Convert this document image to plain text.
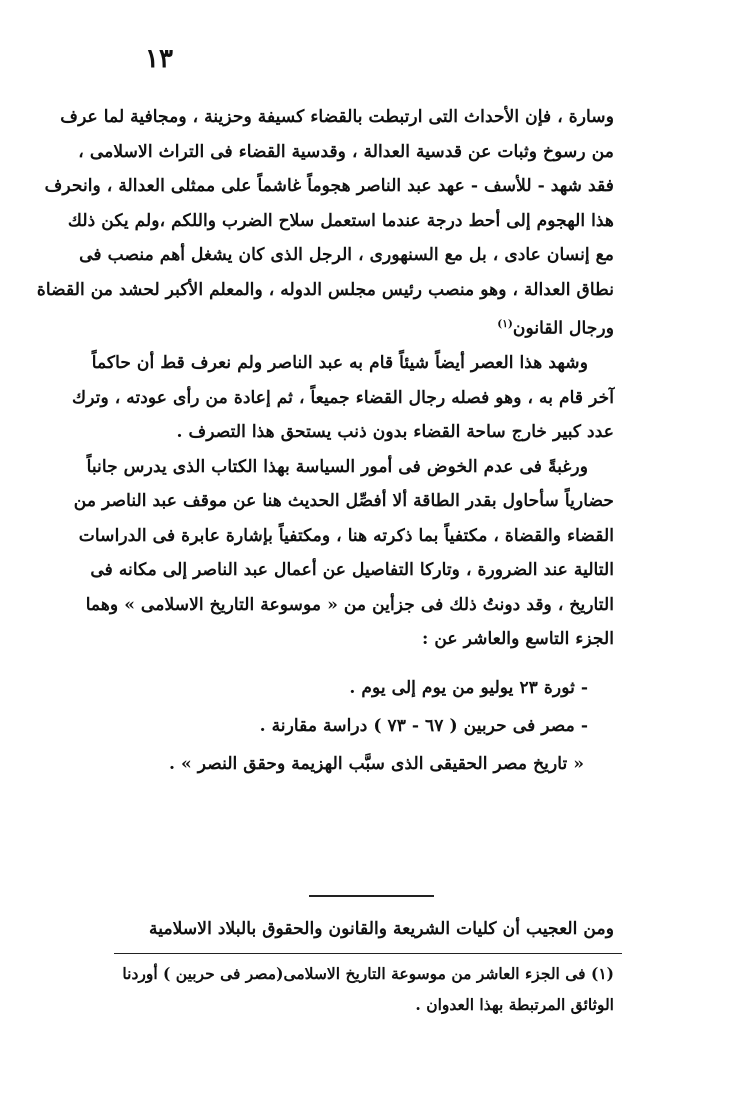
١٣

وسارة ، فإن الأحداث التى ارتبطت بالقضاء كسيفة وحزينة ، ومجافية لما عرف

من رسوخ وثبات عن قدسية العدالة ، وقدسية القضاء فى التراث الاسلامى ،

فقد شهد - للأسف - عهد عبد الناصر هجوماً غاشماً على ممثلى العدالة ، وانحرف

هذا الهجوم إلى أحط درجة عندما استعمل سلاح الضرب واللكم ،ولم يكن ذلك

مع إنسان عادى ، بل مع السنهورى ، الرجل الذى كان يشغل أهم منصب فى

نطاق العدالة ، وهو منصب رئيس مجلس الدوله ، والمعلم الأكبر لحشد من القضاة

ورجال القانون$^{(١)}$

وشهد هذا العصر أيضاً شيئاً قام به عبد الناصر ولم نعرف قط أن حاكماً

آخر قام به ، وهو فصله رجال القضاء جميعاً ، ثم إعادة من رأى عودته ، وترك

عدد كبير خارج ساحة القضاء بدون ذنب يستحق هذا التصرف .

ورغبةً فى عدم الخوض فى أمور السياسة بهذا الكتاب الذى يدرس جانباً

حضارياً سأحاول بقدر الطاقة ألا أفصِّل الحديث هنا عن موقف عبد الناصر من

القضاء والقضاة ، مكتفياً بما ذكرته هنا ، ومكتفياً بإشارة عابرة فى الدراسات

التالية عند الضرورة ، وتاركا التفاصيل عن أعمال عبد الناصر إلى مكانه فى

التاريخ ، وقد دونتُ ذلك فى جزأين من « موسوعة التاريخ الاسلامى » وهما

الجزء التاسع والعاشر عن :

- ثورة ٢٣ يوليو من يوم إلى يوم .
- مصر فى حربين ( ٦٧ - ٧٣ ) دراسة مقارنة .
« تاريخ مصر الحقيقى الذى سبَّب الهزيمة وحقق النصر » .
ومن العجيب أن كليات الشريعة والقانون والحقوق بالبلاد الاسلامية

(١) فى الجزء العاشر من موسوعة التاريخ الاسلامى(مصر فى حربين ) أوردنا

الوثائق المرتبطة بهذا العدوان .
